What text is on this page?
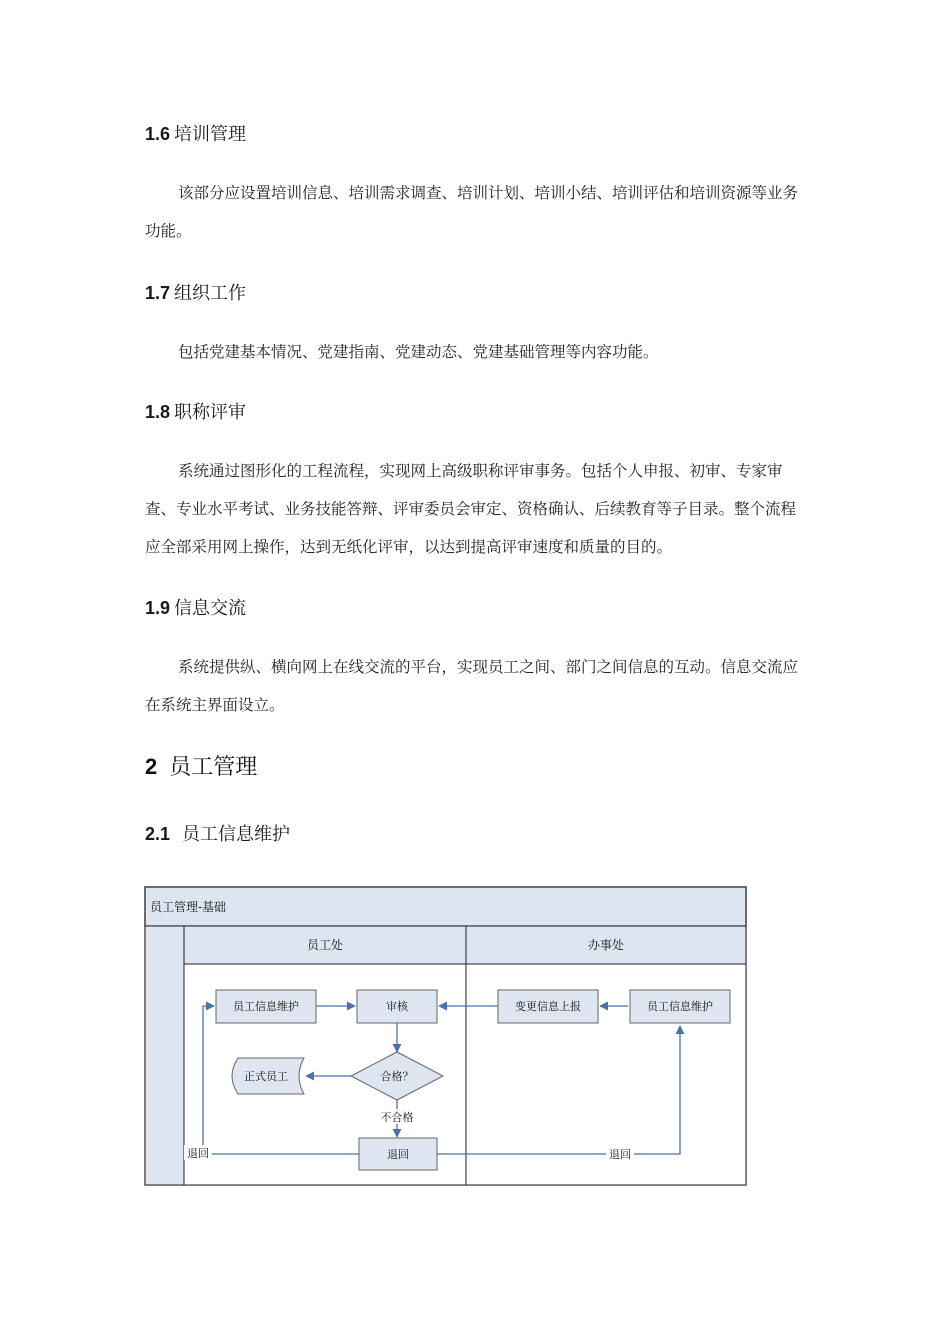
1.6 培训管理

该部分应设置培训信息、培训需求调查、培训计划、培训小结、培训评估和培训资源等业务功能。

1.7 组织工作

包括党建基本情况、党建指南、党建动态、党建基础管理等内容功能。

1.8 职称评审

系统通过图形化的工程流程，实现网上高级职称评审事务。包括个人申报、初审、专家审查、专业水平考试、业务技能答辩、评审委员会审定、资格确认、后续教育等子目录。整个流程应全部采用网上操作，达到无纸化评审，以达到提高评审速度和质量的目的。

1.9 信息交流

系统提供纵、横向网上在线交流的平台，实现员工之间、部门之间信息的互动。信息交流应在系统主界面设立。

2 员工管理
2.1 员工信息维护
员工管理-基础
员工处	办事处
员工信息维护	审核	变更信息上报	员工信息维护
合格？
正式员工
退回
不合格
退回	退回
